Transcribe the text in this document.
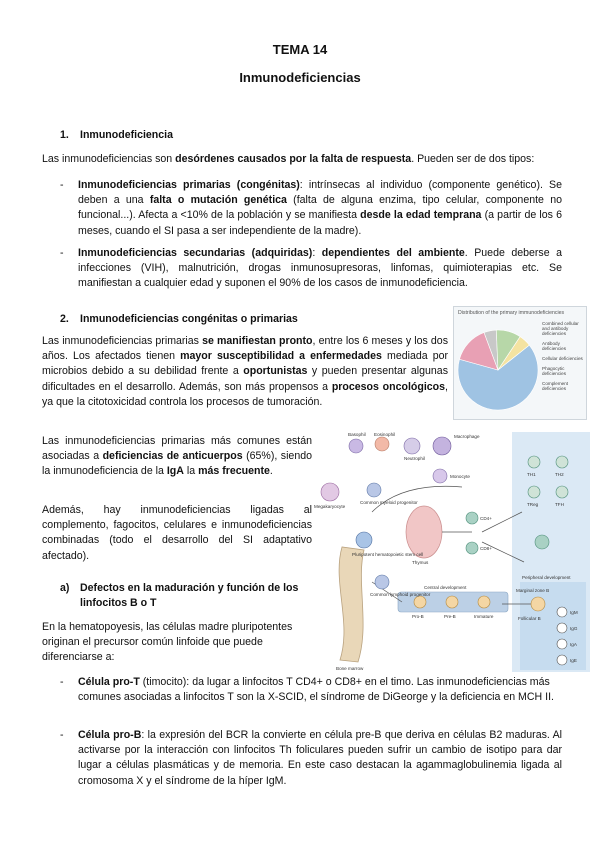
TEMA 14
Inmunodeficiencias
1. Inmunodeficiencia
Las inmunodeficiencias son desórdenes causados por la falta de respuesta. Pueden ser de dos tipos:
- Inmunodeficiencias primarias (congénitas): intrínsecas al individuo (componente genético). Se deben a una falta o mutación genética (falta de alguna enzima, tipo celular, componente no funcional...). Afecta a <10% de la población y se manifiesta desde la edad temprana (a partir de los 6 meses, cuando el SI pasa a ser independiente de la madre).
- Inmunodeficiencias secundarias (adquiridas): dependientes del ambiente. Puede deberse a infecciones (VIH), malnutrición, drogas inmunosupresoras, linfomas, quimioterapias etc. Se manifiestan a cualquier edad y suponen el 90% de los casos de inmunodeficiencia.
2. Inmunodeficiencias congénitas o primarias
Las inmunodeficiencias primarias se manifiestan pronto, entre los 6 meses y los dos años. Los afectados tienen mayor susceptibilidad a enfermedades mediada por microbios debido a su debilidad frente a oportunistas y pueden presentar algunas dificultades en el desarrollo. Además, son más propensos a procesos oncológicos, ya que la citotoxicidad controla los procesos de tumoración.
Las inmunodeficiencias primarias más comunes están asociadas a deficiencias de anticuerpos (65%), siendo la inmunodeficiencia de la IgA la más frecuente.
Además, hay inmunodeficiencias ligadas al complemento, fagocitos, celulares e inmunodeficiencias combinadas (todo el desarrollo del SI adaptativo afectado).
a) Defectos en la maduración y función de los linfocitos B o T
En la hematopoyesis, las células madre pluripotentes originan el precursor común linfoide que puede diferenciarse a:
- Célula pro-T (timocito): da lugar a linfocitos T CD4+ o CD8+ en el timo. Las inmunodeficiencias más comunes asociadas a linfocitos T son la X-SCID, el síndrome de DiGeorge y la deficiencia en MCH II.
- Célula pro-B: la expresión del BCR la convierte en célula pre-B que deriva en células B2 maduras. Al activarse por la interacción con linfocitos Th foliculares pueden sufrir un cambio de isotipo para dar lugar a células plasmáticas y de memoria. En este caso destacan la agammaglobulinemia ligada al cromosoma X y el síndrome de la híper IgM.
Distribution of the primary immunodeficiencies
Combined cellular and antibody deficiencies
Antibody deficiencies
Cellular deficiencies
Phagocytic deficiencies
Complement deficiencies
Basophil Eosinophil	Macrophage
Monocyte
Neutrophil
Megakaryocyte
Common myeloid progenitor
Pluripotent hematopoietic stem cell
Common lymphoid progenitor
Bone marrow
Thymus
Central development
Peripheral development
Pro-B	Pre-B	Immature
CD4+
CD8+
TH1	TH2
TReg	TFH
IgM
IgG
IgA
IgE
Marginal zone B
Follicular B
